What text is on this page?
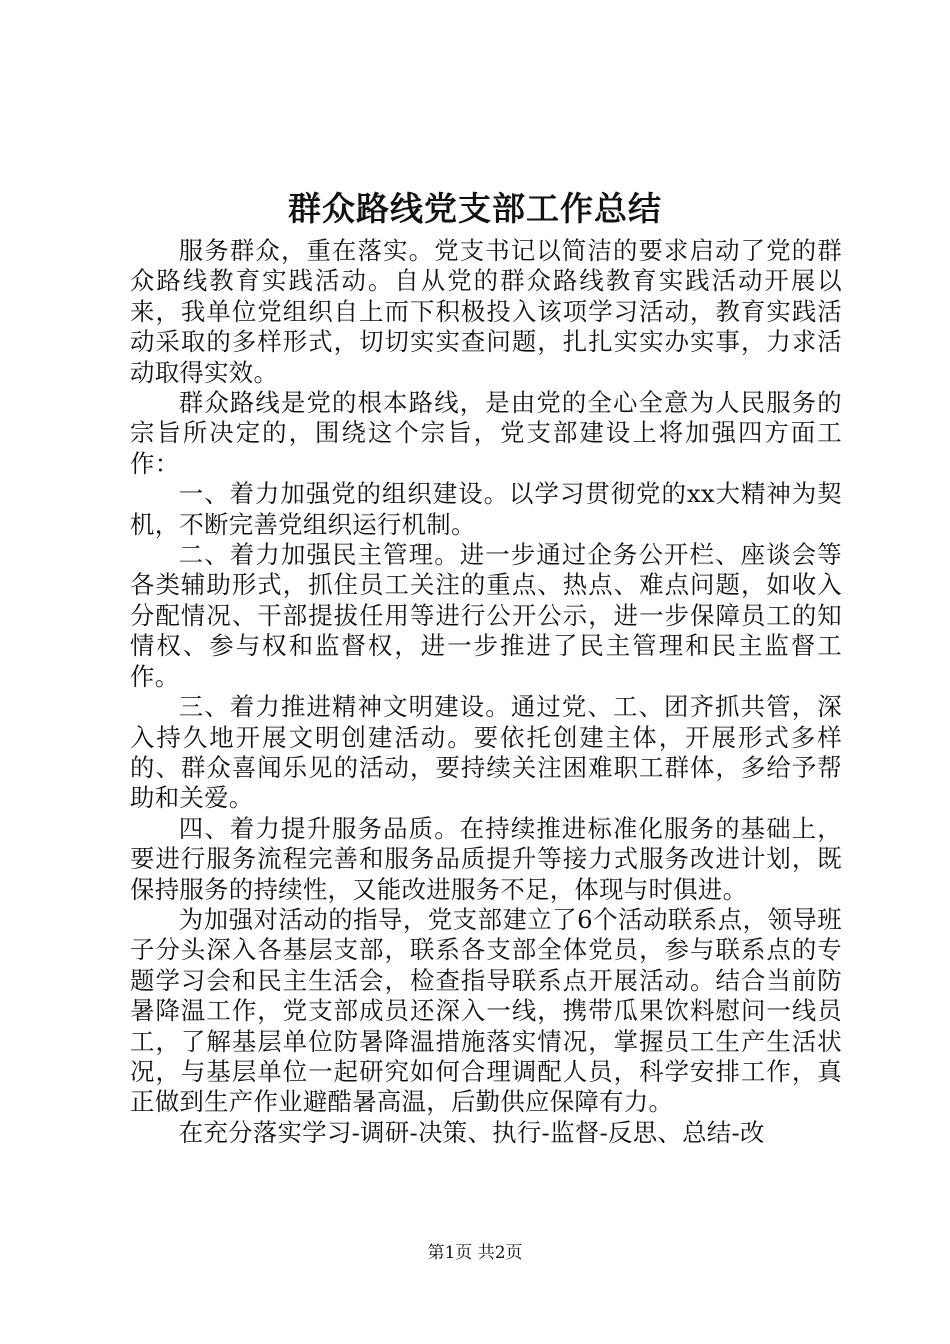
群众路线党支部工作总结

服务群众，重在落实。党支书记以简洁的要求启动了党的群众路线教育实践活动。自从党的群众路线教育实践活动开展以来，我单位党组织自上而下积极投入该项学习活动，教育实践活动采取的多样形式，切切实实查问题，扎扎实实办实事，力求活动取得实效。

群众路线是党的根本路线，是由党的全心全意为人民服务的宗旨所决定的，围绕这个宗旨，党支部建设上将加强四方面工作：

一、着力加强党的组织建设。以学习贯彻党的xx大精神为契机，不断完善党组织运行机制。

二、着力加强民主管理。进一步通过企务公开栏、座谈会等各类辅助形式，抓住员工关注的重点、热点、难点问题，如收入分配情况、干部提拔任用等进行公开公示，进一步保障员工的知情权、参与权和监督权，进一步推进了民主管理和民主监督工作。

三、着力推进精神文明建设。通过党、工、团齐抓共管，深入持久地开展文明创建活动。要依托创建主体，开展形式多样的、群众喜闻乐见的活动，要持续关注困难职工群体，多给予帮助和关爱。

四、着力提升服务品质。在持续推进标准化服务的基础上，要进行服务流程完善和服务品质提升等接力式服务改进计划，既保持服务的持续性，又能改进服务不足，体现与时俱进。

为加强对活动的指导，党支部建立了6个活动联系点，领导班子分头深入各基层支部，联系各支部全体党员，参与联系点的专题学习会和民主生活会，检查指导联系点开展活动。结合当前防暑降温工作，党支部成员还深入一线，携带瓜果饮料慰问一线员工，了解基层单位防暑降温措施落实情况，掌握员工生产生活状况，与基层单位一起研究如何合理调配人员，科学安排工作，真正做到生产作业避酷暑高温，后勤供应保障有力。

在充分落实学习-调研-决策、执行-监督-反思、总结-改

第1页 共2页
